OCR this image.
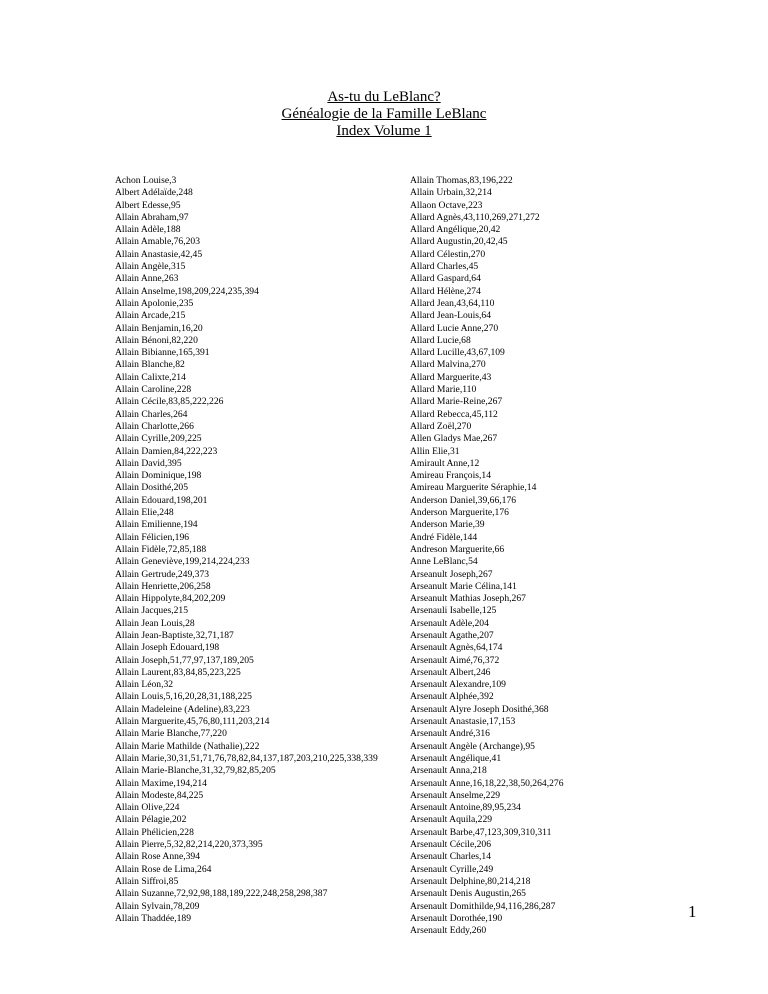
As-tu du LeBlanc?
Généalogie de la Famille LeBlanc
Index Volume 1
Achon Louise,3
Albert Adélaïde,248
Albert Edesse,95
Allain Abraham,97
Allain Adèle,188
Allain Amable,76,203
Allain Anastasie,42,45
Allain Angèle,315
Allain Anne,263
Allain Anselme,198,209,224,235,394
Allain Apolonie,235
Allain Arcade,215
Allain Benjamin,16,20
Allain Bénoni,82,220
Allain Bibianne,165,391
Allain Blanche,82
Allain Calixte,214
Allain Caroline,228
Allain Cécile,83,85,222,226
Allain Charles,264
Allain Charlotte,266
Allain Cyrille,209,225
Allain Damien,84,222,223
Allain David,395
Allain Dominique,198
Allain Dosithé,205
Allain Edouard,198,201
Allain Elie,248
Allain Emilienne,194
Allain Félicien,196
Allain Fidèle,72,85,188
Allain Geneviève,199,214,224,233
Allain Gertrude,249,373
Allain Henriette,206,258
Allain Hippolyte,84,202,209
Allain Jacques,215
Allain Jean Louis,28
Allain Jean-Baptiste,32,71,187
Allain Joseph Edouard,198
Allain Joseph,51,77,97,137,189,205
Allain Laurent,83,84,85,223,225
Allain Léon,32
Allain Louis,5,16,20,28,31,188,225
Allain Madeleine (Adeline),83,223
Allain Marguerite,45,76,80,111,203,214
Allain Marie Blanche,77,220
Allain Marie Mathilde (Nathalie),222
Allain Marie,30,31,51,71,76,78,82,84,137,187,203,210,225,338,339
Allain Marie-Blanche,31,32,79,82,85,205
Allain Maxime,194,214
Allain Modeste,84,225
Allain Olive,224
Allain Pélagie,202
Allain Phélicien,228
Allain Pierre,5,32,82,214,220,373,395
Allain Rose Anne,394
Allain Rose de Lima,264
Allain Siffroi,85
Allain Suzanne,72,92,98,188,189,222,248,258,298,387
Allain Sylvain,78,209
Allain Thaddée,189
Allain Thomas,83,196,222
Allain Urbain,32,214
Allaon Octave,223
Allard Agnès,43,110,269,271,272
Allard Angélique,20,42
Allard Augustin,20,42,45
Allard Célestin,270
Allard Charles,45
Allard Gaspard,64
Allard Hélène,274
Allard Jean,43,64,110
Allard Jean-Louis,64
Allard Lucie Anne,270
Allard Lucie,68
Allard Lucille,43,67,109
Allard Malvina,270
Allard Marguerite,43
Allard Marie,110
Allard Marie-Reine,267
Allard Rebecca,45,112
Allard Zoël,270
Allen Gladys Mae,267
Allin Elie,31
Amirault Anne,12
Amireau François,14
Amireau Marguerite Séraphie,14
Anderson Daniel,39,66,176
Anderson Marguerite,176
Anderson Marie,39
André Fidèle,144
Andreson Marguerite,66
Anne LeBlanc,54
Arseanult Joseph,267
Arseanult Marie Célina,141
Arseanult Mathias Joseph,267
Arsenauli Isabelle,125
Arsenault Adèle,204
Arsenault Agathe,207
Arsenault Agnès,64,174
Arsenault Aimé,76,372
Arsenault Albert,246
Arsenault Alexandre,109
Arsenault Alphée,392
Arsenault Alyre Joseph Dosithé,368
Arsenault Anastasie,17,153
Arsenault André,316
Arsenault Angèle (Archange),95
Arsenault Angélique,41
Arsenault Anna,218
Arsenault Anne,16,18,22,38,50,264,276
Arsenault Anselme,229
Arsenault Antoine,89,95,234
Arsenault Aquila,229
Arsenault Barbe,47,123,309,310,311
Arsenault Cécile,206
Arsenault Charles,14
Arsenault Cyrille,249
Arsenault Delphine,80,214,218
Arsenault Denis Augustin,265
Arsenault Domithilde,94,116,286,287
Arsenault Dorothée,190
Arsenault Eddy,260
1
